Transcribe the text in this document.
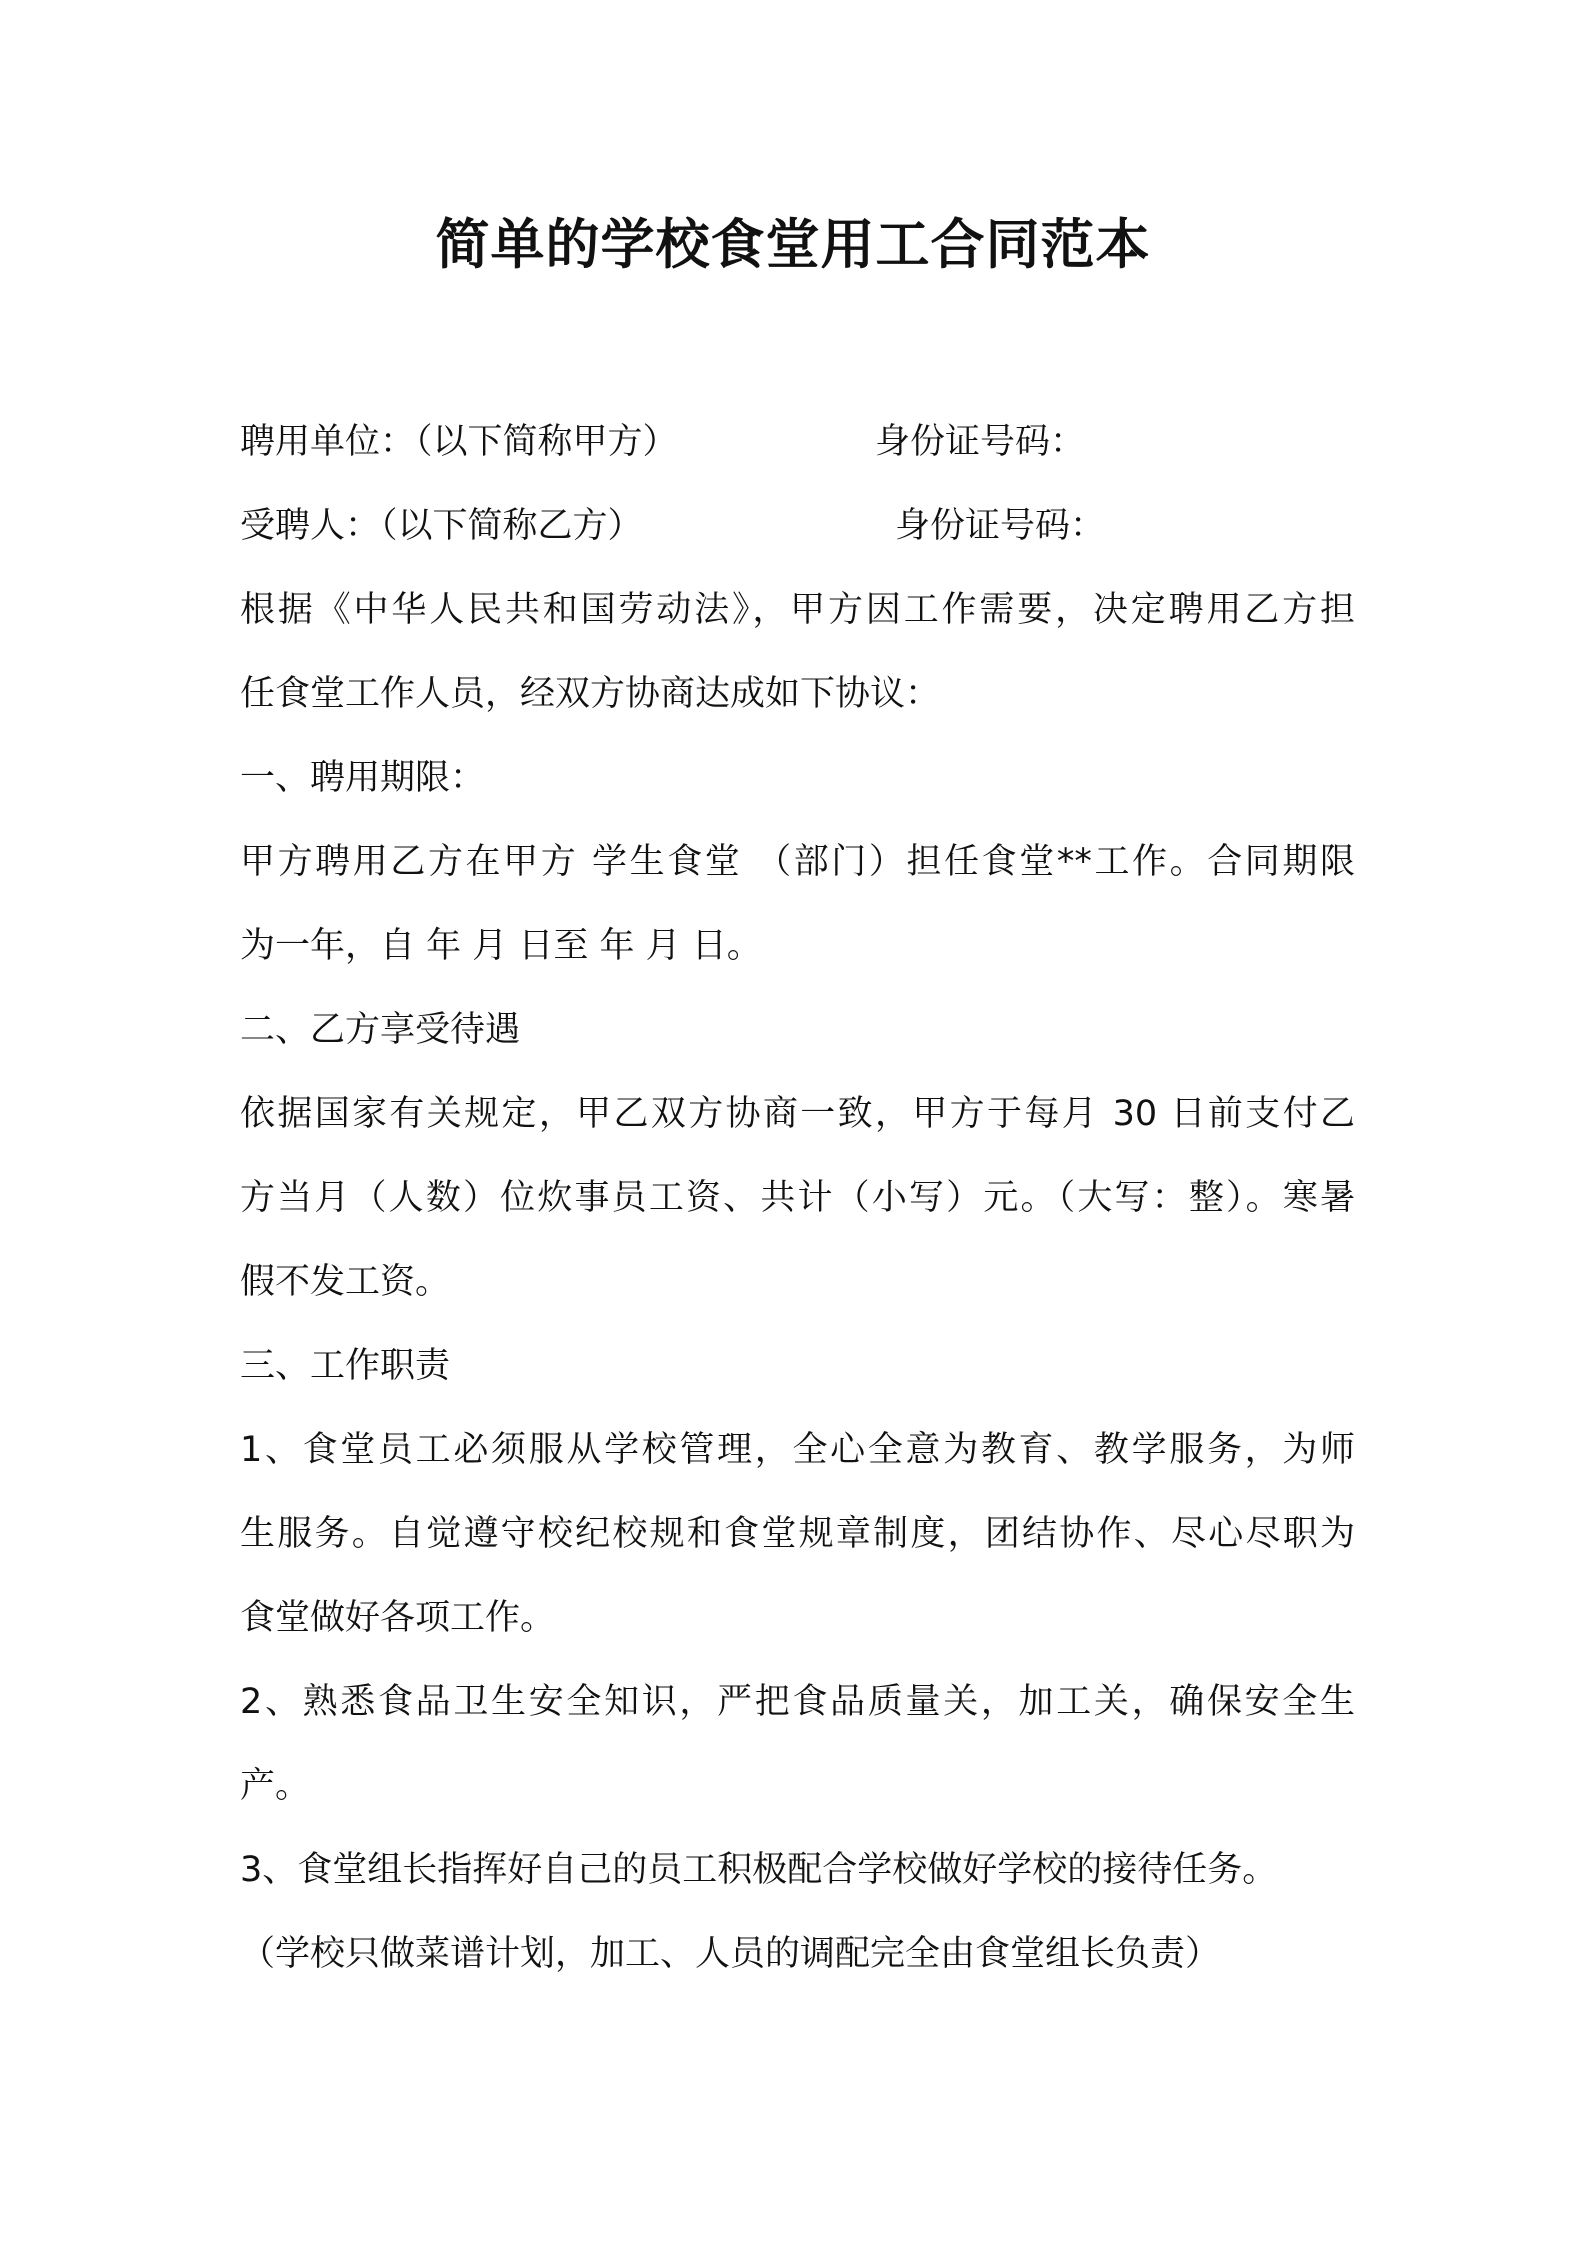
简单的学校食堂用工合同范本
聘用单位：（以下简称甲方）	身份证号码：
受聘人：（以下简称乙方）	身份证号码：
根据《中华人民共和国劳动法》，甲方因工作需要，决定聘用乙方担
任食堂工作人员，经双方协商达成如下协议：
一、聘用期限：
甲方聘用乙方在甲方 学生食堂 （部门）担任食堂**工作。合同期限
为一年，自 年 月 日至 年 月 日。
二、乙方享受待遇
依据国家有关规定，甲乙双方协商一致，甲方于每月 30 日前支付乙
方当月（人数）位炊事员工资、共计（小写）元。（大写：整）。寒暑
假不发工资。
三、工作职责
1、食堂员工必须服从学校管理，全心全意为教育、教学服务，为师
生服务。自觉遵守校纪校规和食堂规章制度，团结协作、尽心尽职为
食堂做好各项工作。
2、熟悉食品卫生安全知识，严把食品质量关，加工关，确保安全生
产。
3、食堂组长指挥好自己的员工积极配合学校做好学校的接待任务。
（学校只做菜谱计划，加工、人员的调配完全由食堂组长负责）
